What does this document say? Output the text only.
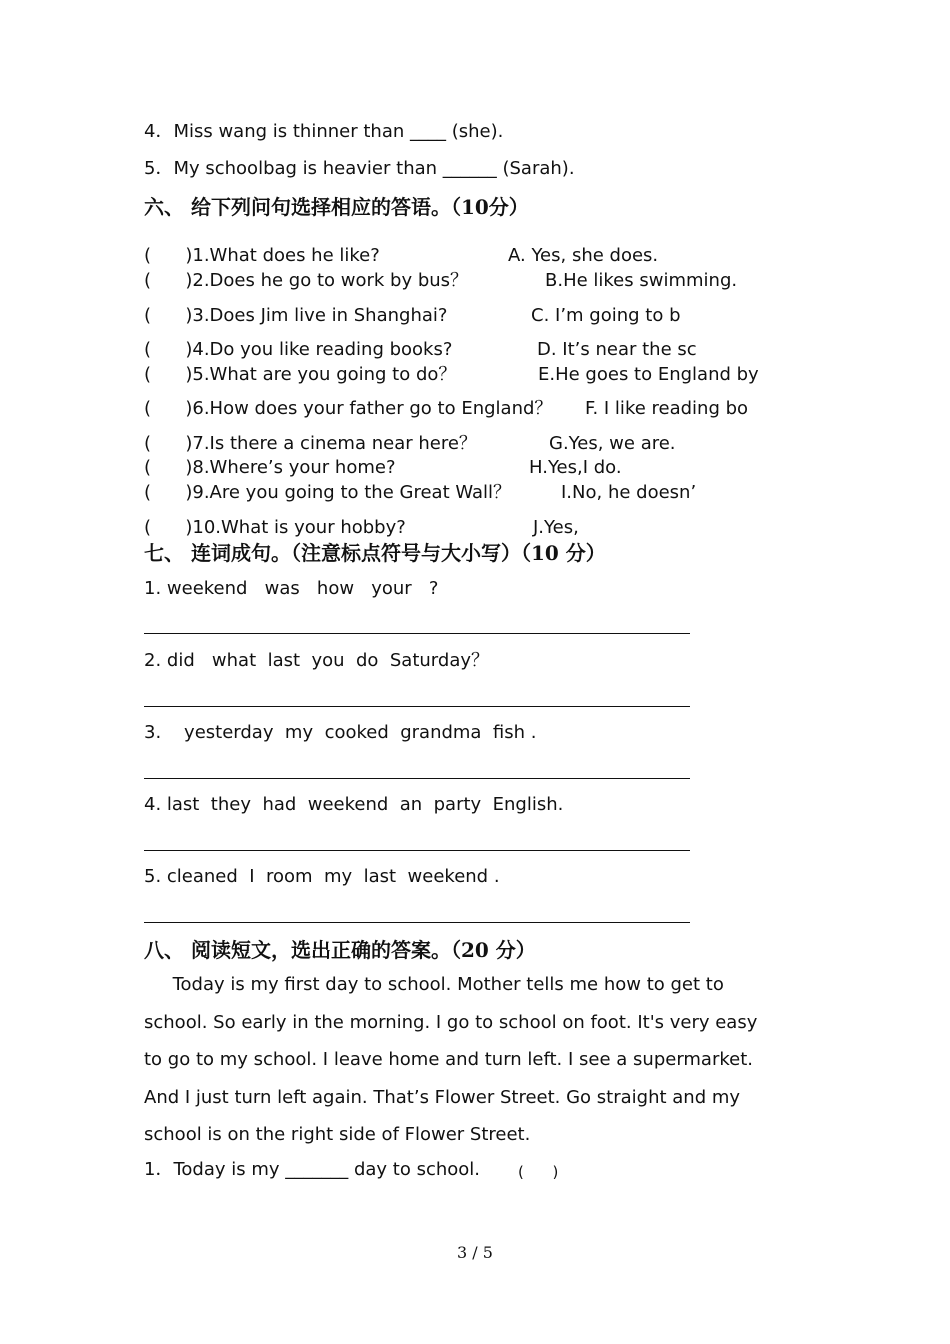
4．Miss wang is thinner than ____ (she).
5．My schoolbag is heavier than ______ (Sarah).
六、 给下列问句选择相应的答语。（10分）
(      )1.What does he like?	A. Yes, she does.
(      )2.Does he go to work by bus？	B.He likes swimming.
(      )3.Does Jim live in Shanghai?	C. I’m going to b
(      )4.Do you like reading books?	D. It’s near the sc
(      )5.What are you going to do？	E.He goes to England by
(      )6.How does your father go to England？ F. I like reading bo
(      )7.Is there a cinema near here？	G.Yes, we are.
(      )8.Where’s your home?	H.Yes,I do.
(      )9.Are you going to the Great Wall？	I.No, he doesn’
(      )10.What is your hobby?	J.Yes,
七、 连词成句。（注意标点符号与大小写）（10 分）
1. weekend   was   how   your   ?
2. did   what  last  you  do  Saturday？
3.    yesterday  my  cooked  grandma  fish .
4. last  they  had  weekend  an  party  English.
5. cleaned  I  room  my  last  weekend .
八、 阅读短文，选出正确的答案。（20 分）
Today is my first day to school. Mother tells me how to get to
school. So early in the morning. I go to school on foot. It's very easy
to go to my school. I leave home and turn left. I see a supermarket.
And I just turn left again. That’s Flower Street. Go straight and my
school is on the right side of Flower Street.
1．Today is my _______ day to school.	(      )
3 / 5
